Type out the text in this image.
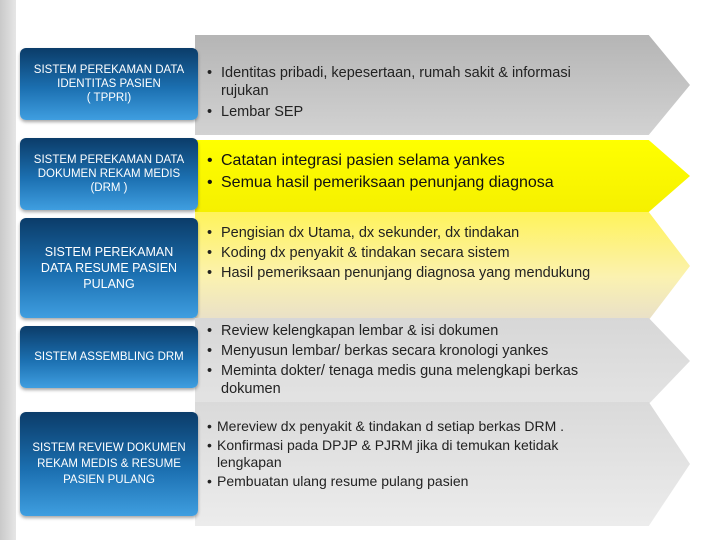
SISTEM PEREKAMAN DATA
IDENTITAS PASIEN
( TPPRI)
• Identitas pribadi, kepesertaan, rumah sakit & informasi rujukan
• Lembar SEP
SISTEM PEREKAMAN DATA
DOKUMEN REKAM MEDIS
(DRM )
• Catatan integrasi pasien selama yankes
• Semua hasil pemeriksaan penunjang diagnosa
SISTEM PEREKAMAN
DATA RESUME PASIEN
PULANG
• Pengisian dx Utama, dx sekunder, dx tindakan
• Koding dx penyakit & tindakan secara sistem
• Hasil pemeriksaan penunjang diagnosa yang mendukung
SISTEM ASSEMBLING DRM
• Review kelengkapan lembar & isi dokumen
• Menyusun lembar/ berkas secara kronologi yankes
• Meminta dokter/ tenaga medis guna melengkapi berkas dokumen
SISTEM REVIEW DOKUMEN
REKAM MEDIS & RESUME
PASIEN PULANG
• Mereview dx penyakit & tindakan d setiap berkas DRM .
• Konfirmasi pada DPJP & PJRM jika di temukan ketidak lengkapan
• Pembuatan ulang resume pulang pasien
